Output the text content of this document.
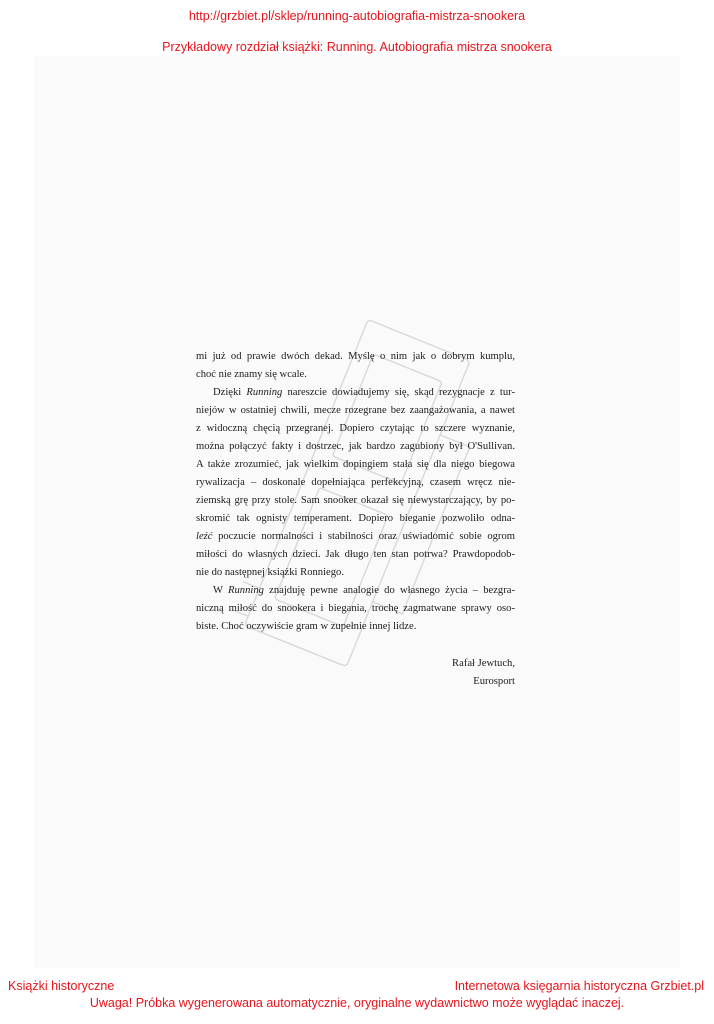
http://grzbiet.pl/sklep/running-autobiografia-mistrza-snookera
Przykładowy rozdział książki: Running. Autobiografia mistrza snookera
mi już od prawie dwóch dekad. Myślę o nim jak o dobrym kumplu,
choć nie znamy się wcale.
Dzięki Running nareszcie dowiadujemy się, skąd rezygnacje z tur-
niejów w ostatniej chwili, mecze rozegrane bez zaangażowania, a nawet
z widoczną chęcią przegranej. Dopiero czytając to szczere wyznanie,
można połączyć fakty i dostrzec, jak bardzo zagubiony był O'Sullivan.
A także zrozumieć, jak wielkim dopingiem stała się dla niego biegowa
rywalizacja – doskonale dopełniająca perfekcyjną, czasem wręcz nie-
ziemską grę przy stole. Sam snooker okazał się niewystarczający, by po-
skromić tak ognisty temperament. Dopiero bieganie pozwoliło odna-
leźć poczucie normalności i stabilności oraz uświadomić sobie ogrom
miłości do własnych dzieci. Jak długo ten stan potrwa? Prawdopodob-
nie do następnej książki Ronniego.
W Running znajduję pewne analogie do własnego życia – bezgra-
niczną miłość do snookera i biegania, trochę zagmatwane sprawy oso-
biste. Choć oczywiście gram w zupełnie innej lidze.
Rafał Jewtuch,
Eurosport
Książki historyczne	Internetowa księgarnia historyczna Grzbiet.pl
Uwaga! Próbka wygenerowana automatycznie, oryginalne wydawnictwo może wyglądać inaczej.
